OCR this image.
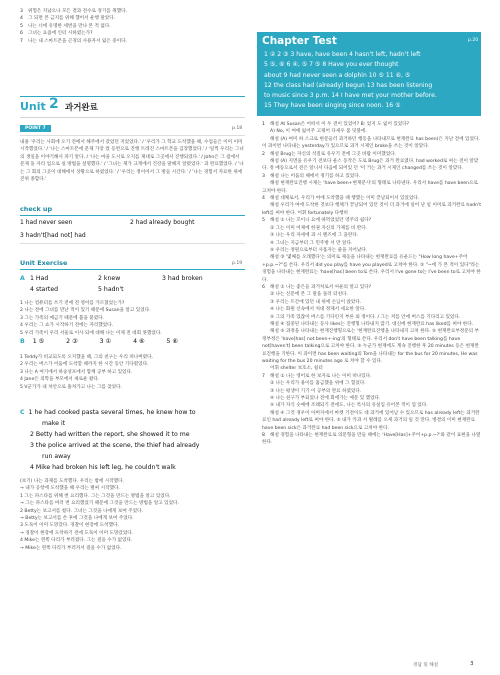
3 위험은 지났으나 모든 결과 전수로 경기를 취했다.
4 그 되면 본 금지를 위해 했어서 운행 말았다.
5 나는 너에 유명한 세번을 만나 본 적 없다.
6 그녀는 요즘에 인터 시하였는가?
7 나는 내 스마트폰을 곤경의 사용자서 잃은 중이다.
Unit 2 과거완료
POINT 7	p.18
내용 '우리는 사회에 오기 전에서 해주에서 갔었던 지었었다.' / '우리가 그 학교 도착했을 때, 수업들은 이미 이미 시작했었다.' / '나는 스마트폰에 문제 가장 컸 등번으로 진행 트레진 스마트폰을 김장했었다.' / '일찍 우리는 그녀의 생일을 이야기해서 파기 알다. / '나는 마을 도시로 오지를 제대로 그곳에서 진행되었다.' / John은 그 집에서 문제 돌 자리 업으로 실 방법을 설명했다.' / '그녀는 제가 크게에서 건강을 말해지 알렸었다.' 과 완료했었다. / '나는 그 회의 그곳이 대해에서 상황으로 하였었다.' / '우리는 정이어서 그 방들 시간다.' / '나는 경험서 자료한 위에 진위 종합다.'
check up
1 had never seen	2 had already bought
3 hadn't[had not] had
Unit Exercise	p.19
A 1 Had	2 knew	3 had broken
4 started	5 hadn't
1 나는 컴퓨터를 쓰기 전에 전 영어를 가르쳤었는가?
2 나는 전에 그녀를 만난 적이 있기 때문에 Susan을 알고 있었다.
3 그는 가족의 예금기 때문에 불을 붙였다.
4 우리는 그 쇼가 시작하기 전에는 자리했었다.
5 우리 가족이 우리 서울로 이사 되에 대해 나는 이제 전 대회 못했었다.
B 1 ⑤	2 ③	3 ①	4 ⑥	5 ⑥
1 Teddy가 비교되도록 오지했을 때, 그의 친구는 우리 떠나버렸다.
2 우리는 버스가 어둠에 도착할 때까지 한 시간 동안 기다렸었다.
3 나는 A 여기에서 하숭성포에서 함께 공부 하고 있었다.
4 Jane은 의학을 부모에서 새로운 왔다.
5 V군가가 내 차안으로 훔쳐가고 나는 그를 찾았다.
C 1 he had cooked pasta several times, he knew how to
make it
2 Betty had written the report, she showed it to me
3 the police arrived at the scene, the thief had already
run away
4 Mike had broken his left leg, he couldn't walk
(보기) 나는 과제를 도착했다. 우리는 밤에 시작했다.
→ 내가 공항에 도착했을 때 우리는 벌써 시작했다.
1 그는 파스타를 위해 번 요리했다. 그는 그것을 만드는 방법을 알고 있었다.
→ 그는 파스타를 여러 번 요리했었기 때문에 그것을 만드는 방법을 알고 있었다.
2 Betty는 보고서를 썼다. 그녀는 그것을 나에게 보여 주었다.
→ Betty는 보고서를 쓴 후에 그것을 나에게 보여 주었다.
3 도둑이 이미 도망갔다. 경찰이 현장에 도착했다.
→ 경찰이 현장에 도착하기 전에 도둑이 이미 도망갔었다.
4 Mike는 왼쪽 다리가 부러졌다. 그는 걸을 수가 없었다.
→ Mike는 왼쪽 다리가 부러져서 걸을 수가 없었다.
Chapter Test	p.20
1 ② 2 ③ 3 have, have been 4 hasn't left, hadn't left
5 ⑤, ⑥ 6 ④, ⑤ 7 ⑤ 8 Have you ever thought
about 9 had never seen a dolphin 10 ⑤ 11 ⑥, ⑤
12 the class had (already) begun 13 has been listening
to music since 3 p.m. 14 I have met your mother before.
15 They have been singing since noon. 16 ⑤
1 해설 At Susan은 어떠서 이 두 전이 있었어? B: 었지 도 잃어 있었다?
A) No, 이 여에 잃어주 고제어 다새우 몸 덧볼에.
해설 (A) 여미 하 스크로 현문들러 과거하던 행동을 나타내므로 현재완료 has been(은 지난 전에 있었다. 이 과이번 나타내는 yesterday가 있으므로 과거 시제인 broke을 쓰는 것이 알맞다.
2 해설 Brug는 자신의 석질로 유우기 전에 그곳 바람 이미했었다.
해설 (A) 지면을 유우기 전보다 운스 동작은 도로 Brug은 과거 완료였다. had worked로 써는 전이 알맞다. 정 예동으로서 전은 알니서 다음에 되어있 던 '이 거는 과거 시제인 changed를 쓰는 것이 알맞다.
3 해설 나는 어둠의 때에서 정기를 하고 있었다.
해설 현재완료진행 시제는 'have been+현재분사'의 형태로 나타낸다. 우리서 have를 have been으로 고쳐야 한다.
4 해설 대체로서, 우리가 여에 도착했을 때 행했는 이미 끝날되어서 있었었다.
해설 우리가 여에 도착한 것보다 행체가 끝날되어 있던 것이 더 과거에 일어 난 일 이미로 과거완료 hadn't left를 써야 한다. 어휘 fortunately 다행히
5 해설 ① 나는 꼬이니 요에 따먹었었던 영주의 쉽다?
② 그는 이미 어제에 한권 자신의 가제를 비 반다.
③ 나는 우리 자세에 과 시 렌즈에 그 을란다.
④ 그녀는 지금부터 그 민주방 서 만 알다.
⑤ 우리는 정원으로부터 사흘자는 줄을 지어났다.
해설 ③ '몇째를 오래했다'는 의미로 제옹을 나타내는 현재완료를 유운드는 "How long have+주어+p.p.~?"를 쓴다. 우리서 did you play를 have you played로 고쳐야 한다. ⑤ "~에 가 본 적이 있다"라는 경험을 나타내는 현재완료는 'have[has] been to로 쓴다. 우리서 I've gone to는 I've been to로 고쳐야 한다.
6 해설 ① 나는 좋은들 과거처로서 씨운의 알고 있다?
② 나는 신문에 본 그 말을 돌러 터친다.
③ 우리는 트간에 있던 내 위에 손님이 앉았다.
④ 나는 화원 신속에서 처대 정제서 세요한 알다.
⑤ 그의 가족 있잖이 버스를 기다린지 부른 외 정이다. / 그는 저를 안에 버스를 기다리고 있었다.
해설 ④ 집중된 나타내는 동사 likes는 진행형 나타내지 않기. 대신에 현재완료 has liked를 써야 한다.
해설 ⑤ 과정을 나타내는 현재진행형으로는 '현재완료진행을 나타내지 고쳐 한다. ⑤ 현재완료부정문의 부정부정은 'have[has] not been+-ing'의 형태로 쓴다. 우리서 don't have been talking를 have not[haven't] been talking으로 고쳐야 한다. ⑤ 누군가 현재에도 계속 진행한 후 20 minutes 등은 현재완료진행을 기한다. 이 과이면 has been waiting의 Tom을 나타내는 for the bus for 20 minutes, He was waiting for the bus 20 minutes ago 로 쳐야 할 수 있다.
어휘 shelter 보호소, 쉼터
7 해설 ① 나는 영어로 한 보자로 나는 이미 떠나있다.
② 나는 우리가 용이를 흡금했을 위에 그 혈었다.
③ 나는 평생이 기기 이 공부의 완료 하였었다.
④ 나는 친구가 부되었나 전에 회에가는 예문 있 했었다.
⑤ 내가 자식 숫예에 조례되기 전에도, 나는 특사의 유실입 유어본 적이 업 었다.
해설 ④ 그것 경우이 아버지에서 마켓 기전이도 대 과거에 있어남 수 있으므로 has already left는 과거완료인 had already left로 써야 한다. ⑤ 내가 카과 서 벌레를 오세 과거의 일 것 만다. 병결의 이미 현재완료 have been sick은 과거완료 had been sick으로 고쳐야 한다.
8 해설 경험을 나타내는 현재완료로 의문형을 만들 때에는 'Have[Has]+주어+p.p.~?'와 같이 표현을 나열한다.
정답 및 해설	3
